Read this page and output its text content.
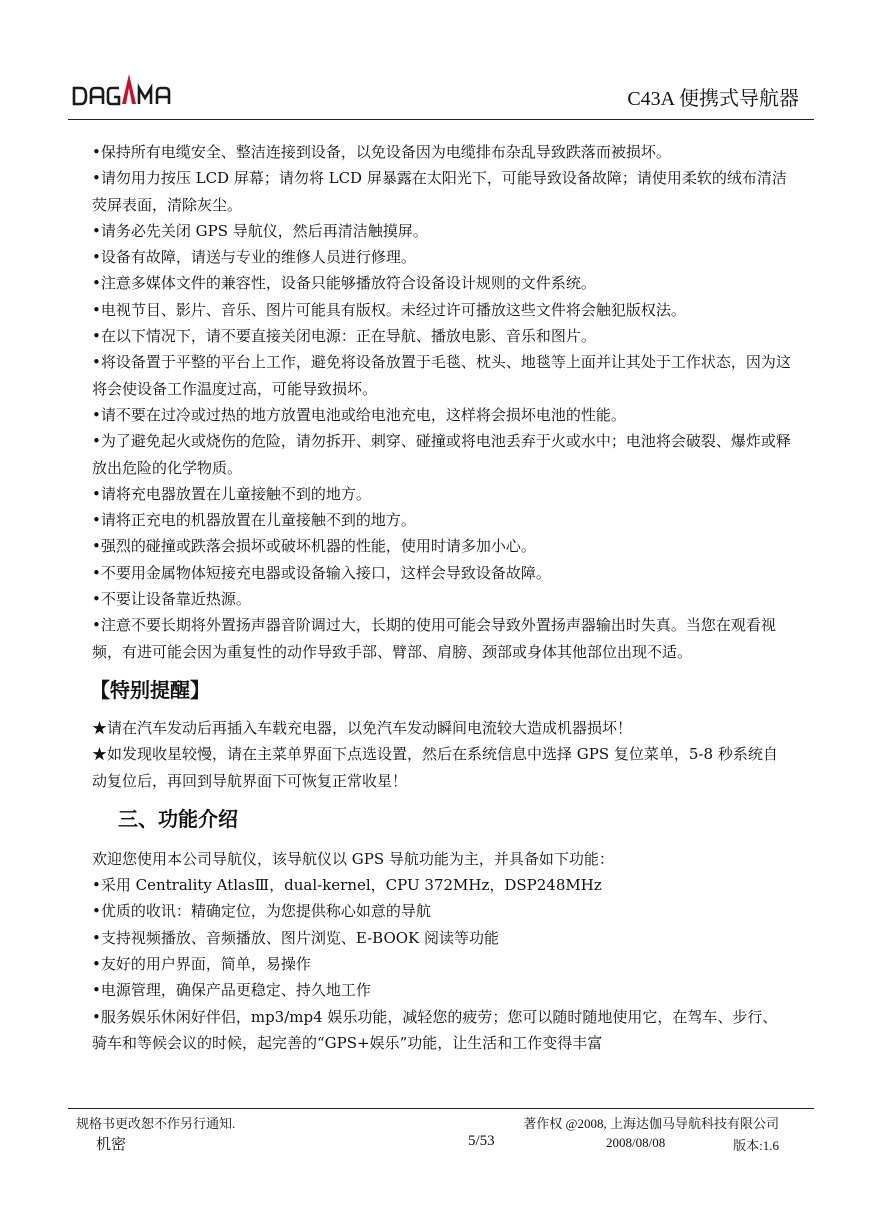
C43A 便携式导航器

•保持所有电缆安全、整洁连接到设备，以免设备因为电缆排布杂乱导致跌落而被损坏。

•请勿用力按压 LCD 屏幕；请勿将 LCD 屏暴露在太阳光下，可能导致设备故障；请使用柔软的绒布清洁荧屏表面，清除灰尘。

•请务必先关闭 GPS 导航仪，然后再清洁触摸屏。

•设备有故障，请送与专业的维修人员进行修理。

•注意多媒体文件的兼容性，设备只能够播放符合设备设计规则的文件系统。

•电视节目、影片、音乐、图片可能具有版权。未经过许可播放这些文件将会触犯版权法。

•在以下情况下，请不要直接关闭电源：正在导航、播放电影、音乐和图片。

•将设备置于平整的平台上工作，避免将设备放置于毛毯、枕头、地毯等上面并让其处于工作状态，因为这将会使设备工作温度过高，可能导致损坏。

•请不要在过冷或过热的地方放置电池或给电池充电，这样将会损坏电池的性能。

•为了避免起火或烧伤的危险，请勿拆开、刺穿、碰撞或将电池丢弃于火或水中；电池将会破裂、爆炸或释放出危险的化学物质。

•请将充电器放置在儿童接触不到的地方。

•请将正充电的机器放置在儿童接触不到的地方。

•强烈的碰撞或跌落会损坏或破坏机器的性能，使用时请多加小心。

•不要用金属物体短接充电器或设备输入接口，这样会导致设备故障。

•不要让设备靠近热源。

•注意不要长期将外置扬声器音阶调过大，长期的使用可能会导致外置扬声器输出时失真。当您在观看视频，有进可能会因为重复性的动作导致手部、臂部、肩膀、颈部或身体其他部位出现不适。

【特别提醒】

★请在汽车发动后再插入车载充电器，以免汽车发动瞬间电流较大造成机器损坏！

★如发现收星较慢，请在主菜单界面下点选设置，然后在系统信息中选择 GPS 复位菜单，5-8 秒系统自动复位后，再回到导航界面下可恢复正常收星！

三、功能介绍

欢迎您使用本公司导航仪，该导航仪以 GPS 导航功能为主，并具备如下功能：

•采用 Centrality AtlasⅢ，dual-kernel，CPU 372MHz，DSP248MHz

•优质的收讯：精确定位，为您提供称心如意的导航

•支持视频播放、音频播放、图片浏览、E-BOOK 阅读等功能

•友好的用户界面，简单，易操作

•电源管理，确保产品更稳定、持久地工作

•服务娱乐休闲好伴侣，mp3/mp4 娱乐功能，减轻您的疲劳；您可以随时随地使用它，在驾车、步行、骑车和等候会议的时候，起完善的“GPS+娱乐”功能，让生活和工作变得丰富

规格书更改恕不作另行通知.	著作权 @2008, 上海达伽马导航科技有限公司
机密	5/53	2008/08/08	版本:1.6
